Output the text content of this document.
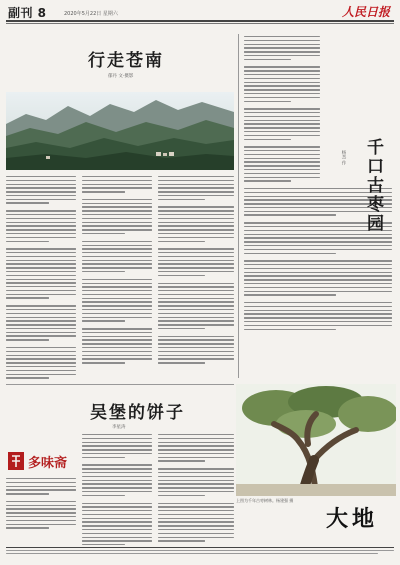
副刊 8	2020年5月22日 星期六	人民日报
行走苍南
郁丹 文·摄影
杨杰 作	千口古枣园
吴堡的饼子
李星涛
多味斋
上图为千年古枣树林。杨建强 摄
大地
